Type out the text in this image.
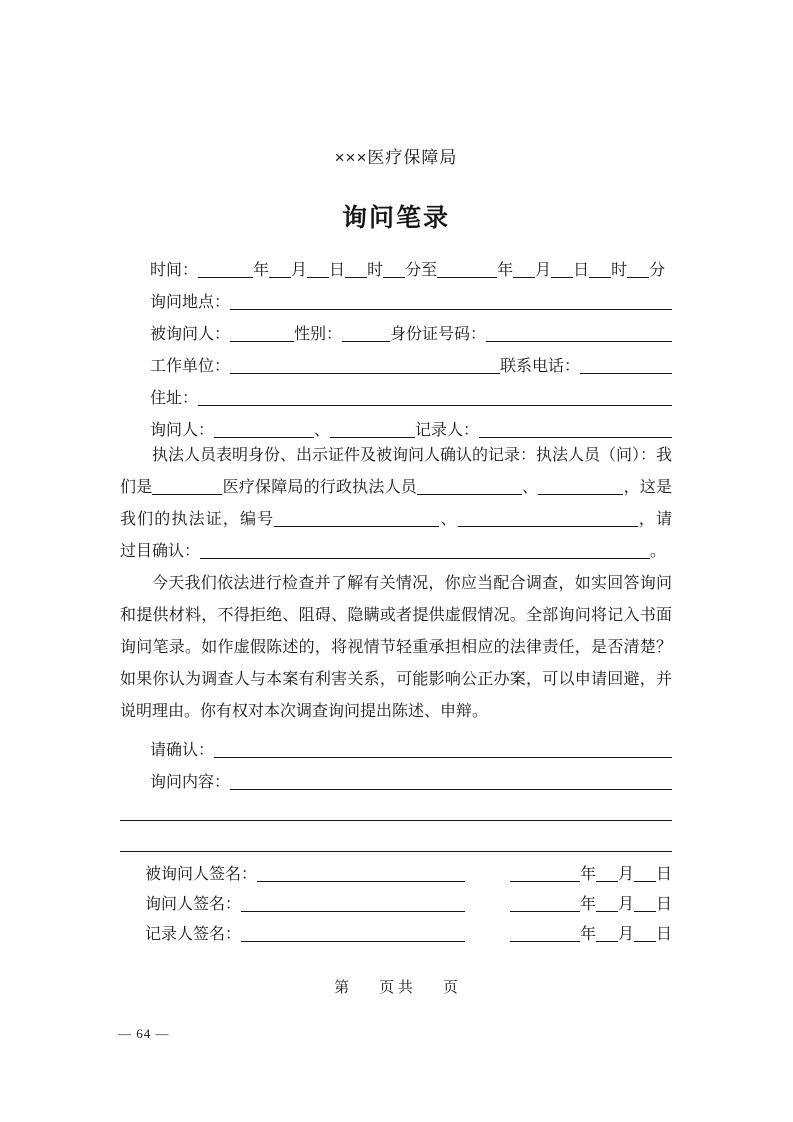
×××医疗保障局
询问笔录
时间：	年 月 日 时 分至	年 月 日 时 分
询问地点：
被询问人：	性别：	身份证号码：
工作单位：	联系电话：
住址：
询问人：	、	记录人：

执法人员表明身份、出示证件及被询问人确认的记录：执法人员（问）：我们是	医疗保障局的行政执法人员	、	，这是我们的执法证，编号	、	，请过目确认：	。

今天我们依法进行检查并了解有关情况，你应当配合调查，如实回答询问和提供材料，不得拒绝、阻碍、隐瞒或者提供虚假情况。全部询问将记入书面询问笔录。如作虚假陈述的，将视情节轻重承担相应的法律责任，是否清楚？如果你认为调查人与本案有利害关系，可能影响公正办案，可以申请回避，并说明理由。你有权对本次调查询问提出陈述、申辩。

请确认：
询问内容：
被询问人签名：	年 月 日
询问人签名：	年 月 日
记录人签名：	年 月 日
第　　页 共　　页
— 64 —
